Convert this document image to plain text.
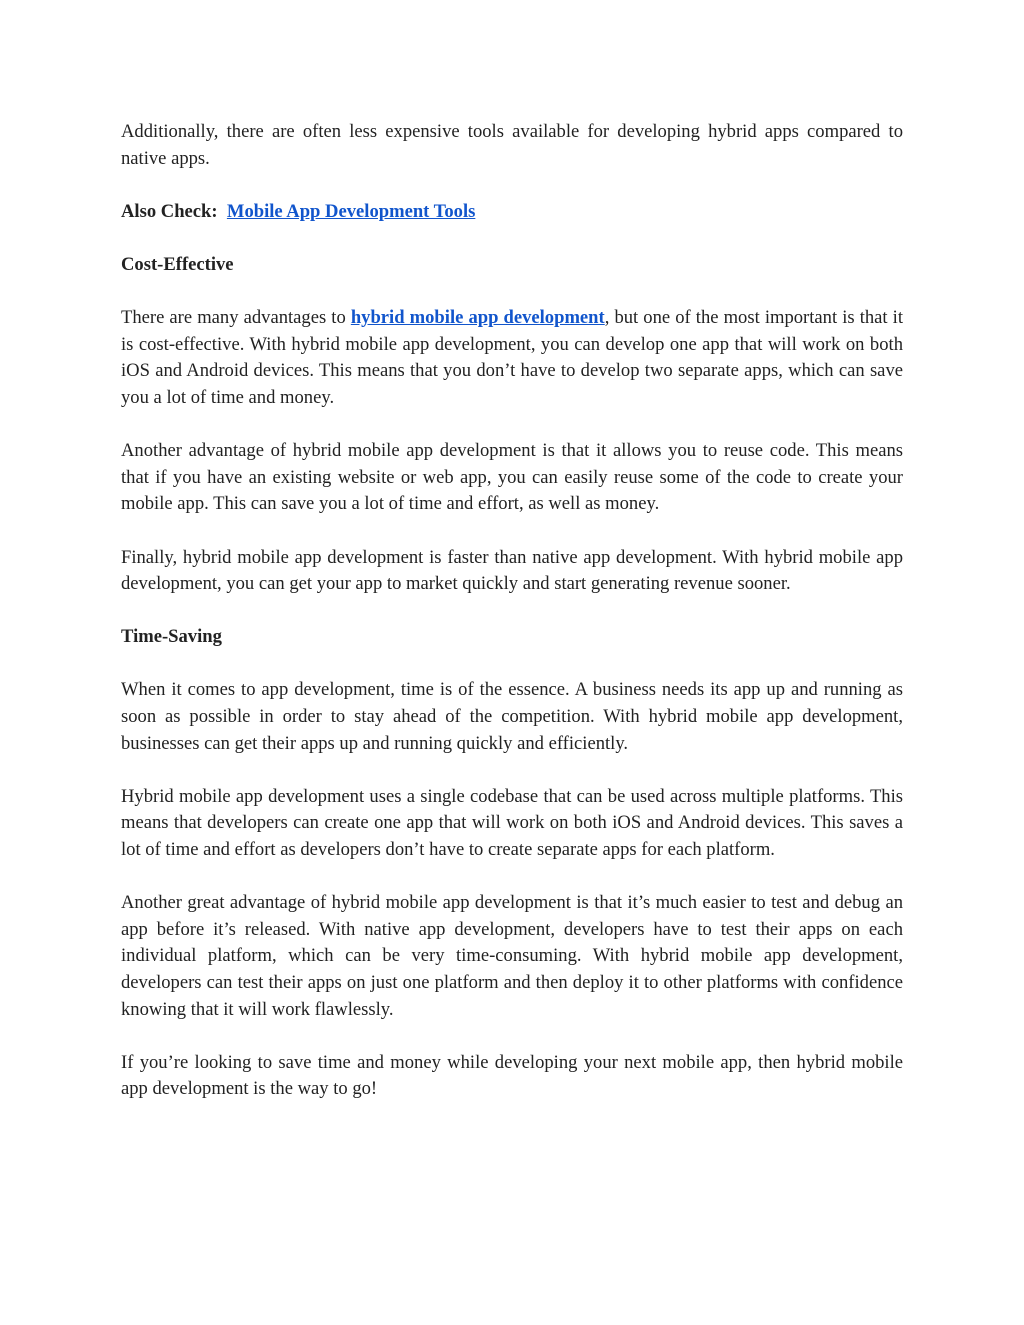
Additionally, there are often less expensive tools available for developing hybrid apps compared to native apps.

Also Check: Mobile App Development Tools

Cost-Effective

There are many advantages to hybrid mobile app development, but one of the most important is that it is cost-effective. With hybrid mobile app development, you can develop one app that will work on both iOS and Android devices. This means that you don’t have to develop two separate apps, which can save you a lot of time and money.

Another advantage of hybrid mobile app development is that it allows you to reuse code. This means that if you have an existing website or web app, you can easily reuse some of the code to create your mobile app. This can save you a lot of time and effort, as well as money.

Finally, hybrid mobile app development is faster than native app development. With hybrid mobile app development, you can get your app to market quickly and start generating revenue sooner.

Time-Saving

When it comes to app development, time is of the essence. A business needs its app up and running as soon as possible in order to stay ahead of the competition. With hybrid mobile app development, businesses can get their apps up and running quickly and efficiently.

Hybrid mobile app development uses a single codebase that can be used across multiple platforms. This means that developers can create one app that will work on both iOS and Android devices. This saves a lot of time and effort as developers don’t have to create separate apps for each platform.

Another great advantage of hybrid mobile app development is that it’s much easier to test and debug an app before it’s released. With native app development, developers have to test their apps on each individual platform, which can be very time-consuming. With hybrid mobile app development, developers can test their apps on just one platform and then deploy it to other platforms with confidence knowing that it will work flawlessly.

If you’re looking to save time and money while developing your next mobile app, then hybrid mobile app development is the way to go!
